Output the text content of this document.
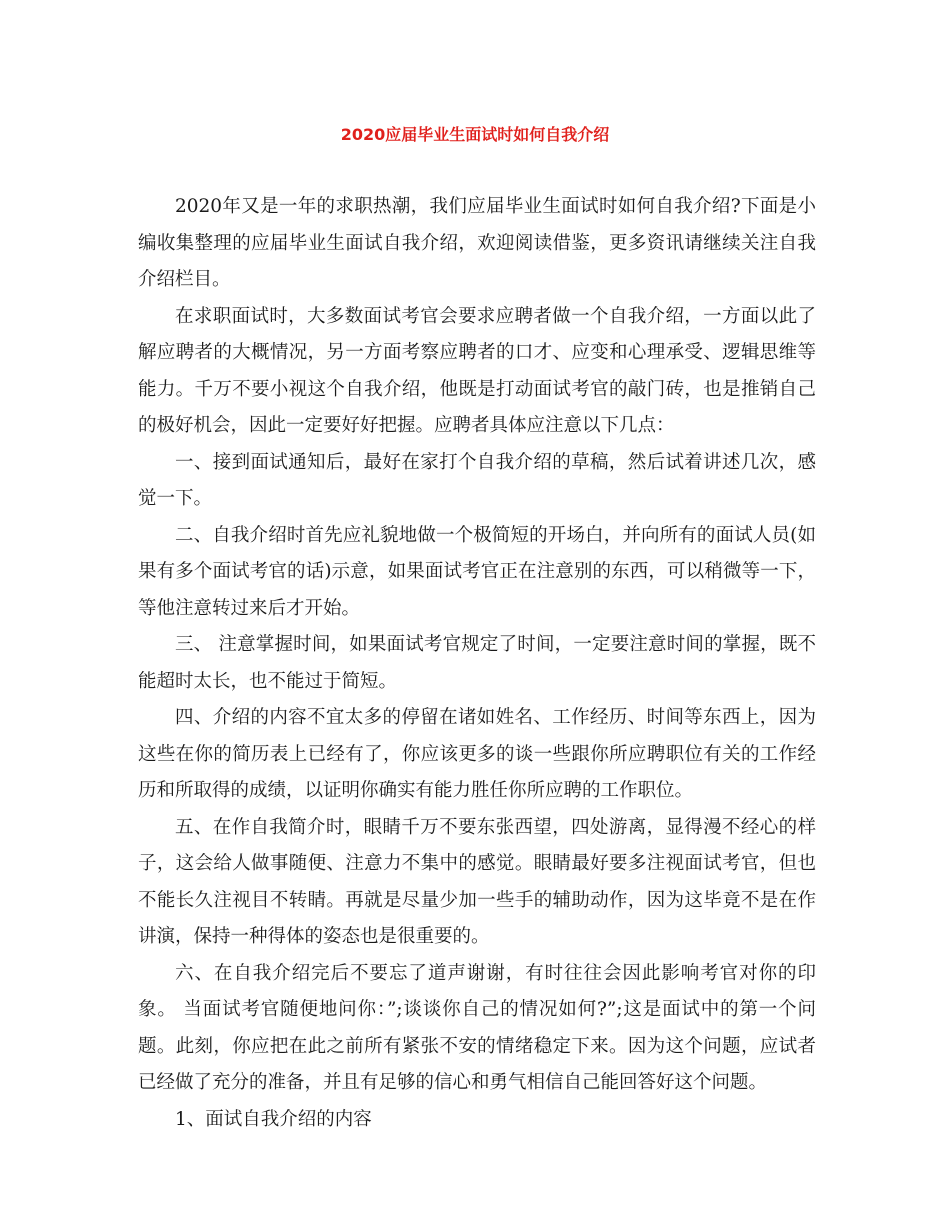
2020应届毕业生面试时如何自我介绍

2020年又是一年的求职热潮，我们应届毕业生面试时如何自我介绍?下面是小编收集整理的应届毕业生面试自我介绍，欢迎阅读借鉴，更多资讯请继续关注自我介绍栏目。

在求职面试时，大多数面试考官会要求应聘者做一个自我介绍，一方面以此了解应聘者的大概情况，另一方面考察应聘者的口才、应变和心理承受、逻辑思维等能力。千万不要小视这个自我介绍，他既是打动面试考官的敲门砖，也是推销自己的极好机会，因此一定要好好把握。应聘者具体应注意以下几点：

一、接到面试通知后，最好在家打个自我介绍的草稿，然后试着讲述几次，感觉一下。

二、自我介绍时首先应礼貌地做一个极简短的开场白，并向所有的面试人员(如果有多个面试考官的话)示意，如果面试考官正在注意别的东西，可以稍微等一下，等他注意转过来后才开始。

三、 注意掌握时间，如果面试考官规定了时间，一定要注意时间的掌握，既不能超时太长，也不能过于简短。

四、介绍的内容不宜太多的停留在诸如姓名、工作经历、时间等东西上，因为这些在你的简历表上已经有了，你应该更多的谈一些跟你所应聘职位有关的工作经历和所取得的成绩，以证明你确实有能力胜任你所应聘的工作职位。

五、在作自我简介时，眼睛千万不要东张西望，四处游离，显得漫不经心的样子，这会给人做事随便、注意力不集中的感觉。眼睛最好要多注视面试考官，但也不能长久注视目不转睛。再就是尽量少加一些手的辅助动作，因为这毕竟不是在作讲演，保持一种得体的姿态也是很重要的。

六、在自我介绍完后不要忘了道声谢谢，有时往往会因此影响考官对你的印象。 当面试考官随便地问你：”;谈谈你自己的情况如何?”;这是面试中的第一个问题。此刻，你应把在此之前所有紧张不安的情绪稳定下来。因为这个问题，应试者已经做了充分的准备，并且有足够的信心和勇气相信自己能回答好这个问题。

1、面试自我介绍的内容
